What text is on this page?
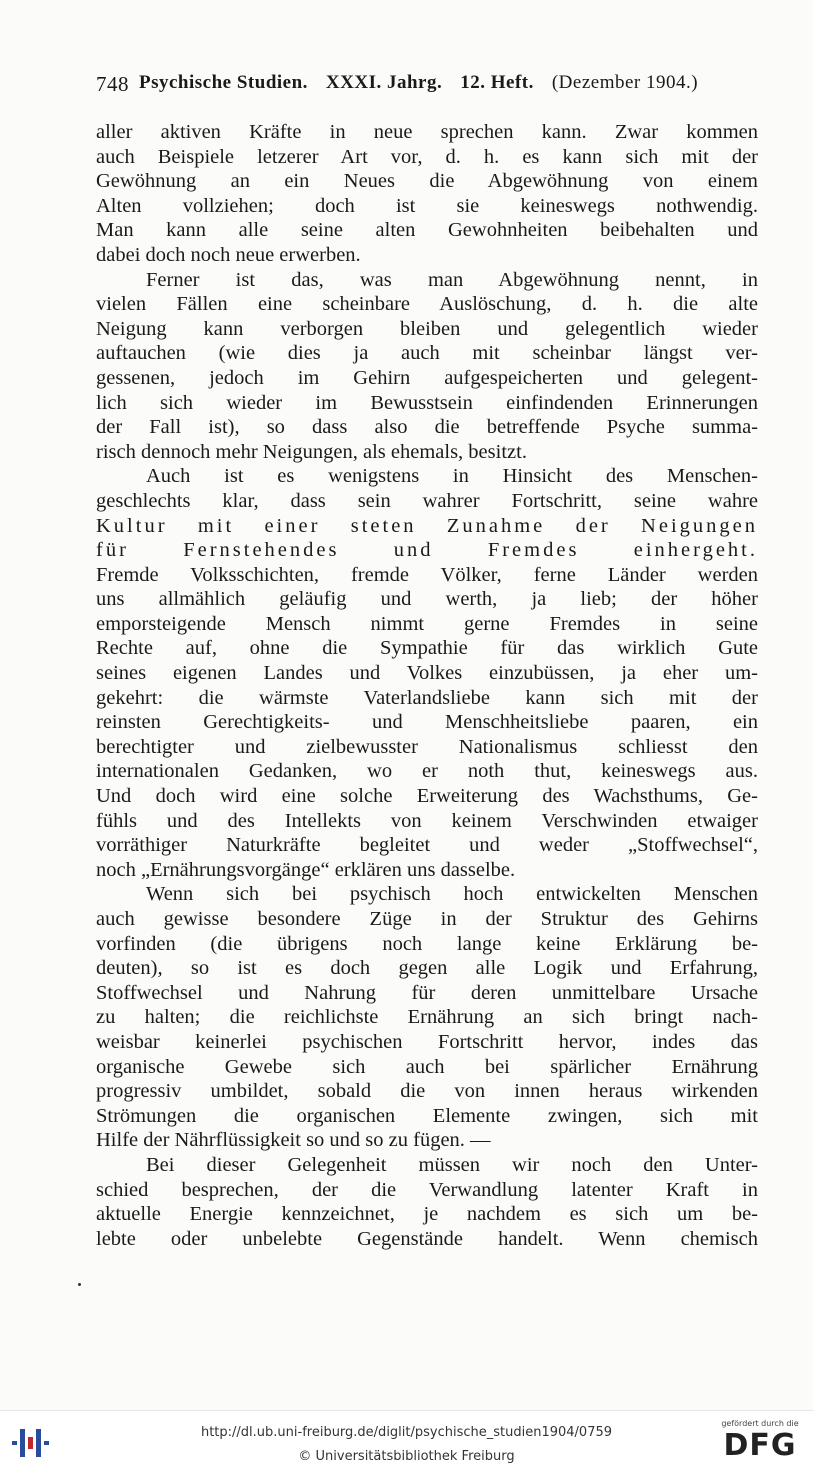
748 Psychische Studien. XXXI. Jahrg. 12. Heft. (Dezember 1904.)
aller aktiven Kräfte in neue sprechen kann. Zwar kommen
auch Beispiele letzerer Art vor, d. h. es kann sich mit der
Gewöhnung an ein Neues die Abgewöhnung von einem
Alten vollziehen; doch ist sie keineswegs nothwendig.
Man kann alle seine alten Gewohnheiten beibehalten und
dabei doch noch neue erwerben.
Ferner ist das, was man Abgewöhnung nennt, in
vielen Fällen eine scheinbare Auslöschung, d. h. die alte
Neigung kann verborgen bleiben und gelegentlich wieder
auftauchen (wie dies ja auch mit scheinbar längst ver-
gessenen, jedoch im Gehirn aufgespeicherten und gelegent-
lich sich wieder im Bewusstsein einfindenden Erinnerungen
der Fall ist), so dass also die betreffende Psyche summa-
risch dennoch mehr Neigungen, als ehemals, besitzt.
Auch ist es wenigstens in Hinsicht des Menschen-
geschlechts klar, dass sein wahrer Fortschritt, seine wahre
Kultur mit einer steten Zunahme der Neigungen
für Fernstehendes und Fremdes einhergeht.
Fremde Volksschichten, fremde Völker, ferne Länder werden
uns allmählich geläufig und werth, ja lieb; der höher
emporsteigende Mensch nimmt gerne Fremdes in seine
Rechte auf, ohne die Sympathie für das wirklich Gute
seines eigenen Landes und Volkes einzubüssen, ja eher um-
gekehrt: die wärmste Vaterlandsliebe kann sich mit der
reinsten Gerechtigkeits- und Menschheitsliebe paaren, ein
berechtigter und zielbewusster Nationalismus schliesst den
internationalen Gedanken, wo er noth thut, keineswegs aus.
Und doch wird eine solche Erweiterung des Wachsthums, Ge-
fühls und des Intellekts von keinem Verschwinden etwaiger
vorräthiger Naturkräfte begleitet und weder „Stoffwechsel“,
noch „Ernährungsvorgänge“ erklären uns dasselbe.
Wenn sich bei psychisch hoch entwickelten Menschen
auch gewisse besondere Züge in der Struktur des Gehirns
vorfinden (die übrigens noch lange keine Erklärung be-
deuten), so ist es doch gegen alle Logik und Erfahrung,
Stoffwechsel und Nahrung für deren unmittelbare Ursache
zu halten; die reichlichste Ernährung an sich bringt nach-
weisbar keinerlei psychischen Fortschritt hervor, indes das
organische Gewebe sich auch bei spärlicher Ernährung
progressiv umbildet, sobald die von innen heraus wirkenden
Strömungen die organischen Elemente zwingen, sich mit
Hilfe der Nährflüssigkeit so und so zu fügen. —
Bei dieser Gelegenheit müssen wir noch den Unter-
schied besprechen, der die Verwandlung latenter Kraft in
aktuelle Energie kennzeichnet, je nachdem es sich um be-
lebte oder unbelebte Gegenstände handelt. Wenn chemisch
http://dl.ub.uni-freiburg.de/diglit/psychische_studien1904/0759
© Universitätsbibliothek Freiburg
gefördert durch die
DFG
